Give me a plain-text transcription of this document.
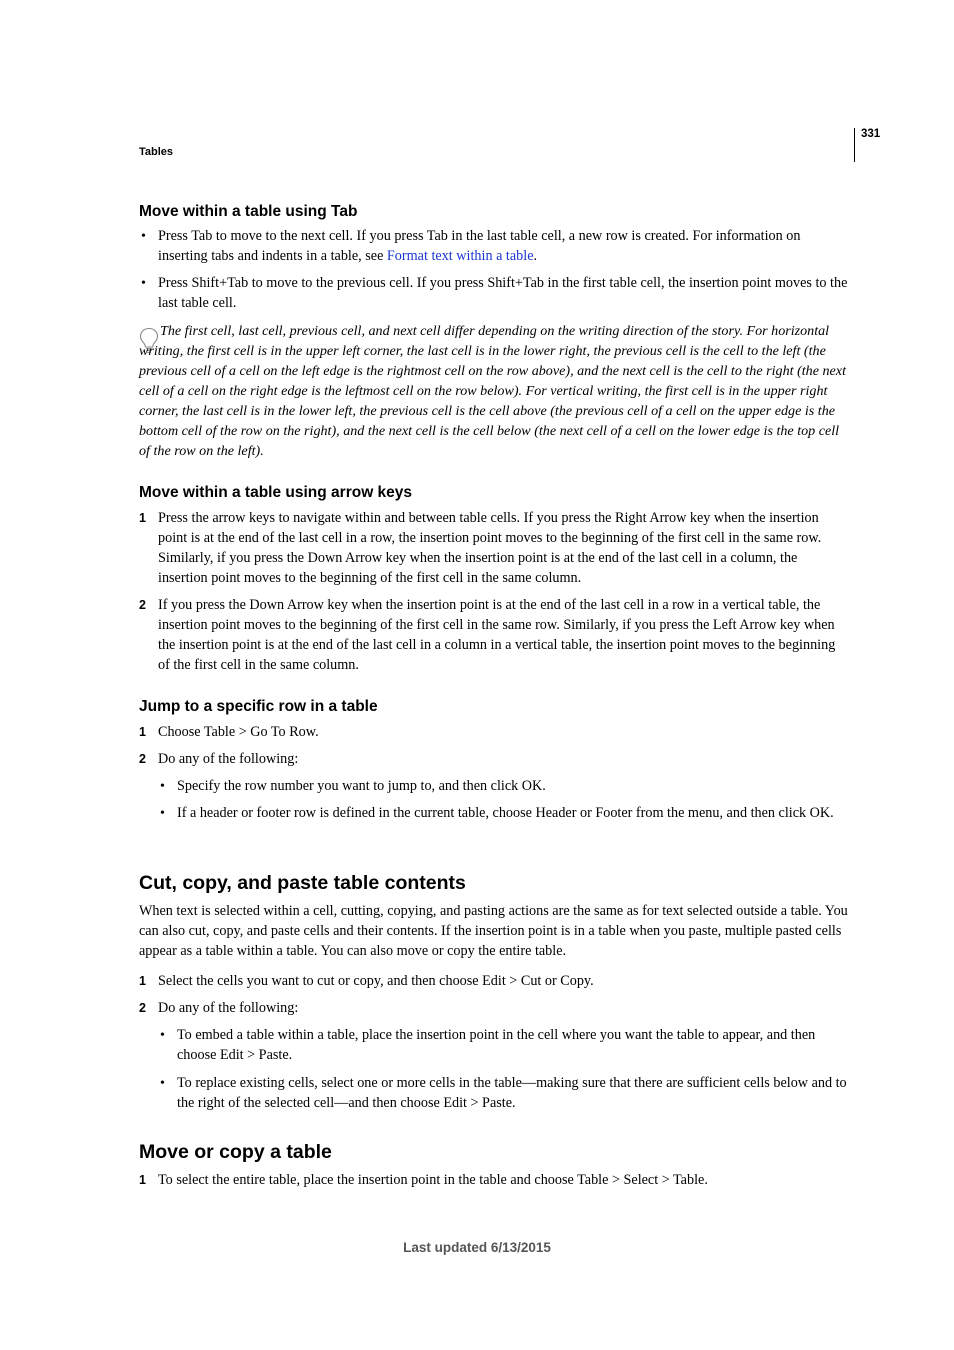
331
Tables
Move within a table using Tab
• Press Tab to move to the next cell. If you press Tab in the last table cell, a new row is created. For information on inserting tabs and indents in a table, see Format text within a table.
• Press Shift+Tab to move to the previous cell. If you press Shift+Tab in the first table cell, the insertion point moves to the last table cell.
The first cell, last cell, previous cell, and next cell differ depending on the writing direction of the story. For horizontal writing, the first cell is in the upper left corner, the last cell is in the lower right, the previous cell is the cell to the left (the previous cell of a cell on the left edge is the rightmost cell on the row above), and the next cell is the cell to the right (the next cell of a cell on the right edge is the leftmost cell on the row below). For vertical writing, the first cell is in the upper right corner, the last cell is in the lower left, the previous cell is the cell above (the previous cell of a cell on the upper edge is the bottom cell of the row on the right), and the next cell is the cell below (the next cell of a cell on the lower edge is the top cell of the row on the left).
Move within a table using arrow keys
1 Press the arrow keys to navigate within and between table cells. If you press the Right Arrow key when the insertion point is at the end of the last cell in a row, the insertion point moves to the beginning of the first cell in the same row. Similarly, if you press the Down Arrow key when the insertion point is at the end of the last cell in a column, the insertion point moves to the beginning of the first cell in the same column.
2 If you press the Down Arrow key when the insertion point is at the end of the last cell in a row in a vertical table, the insertion point moves to the beginning of the first cell in the same row. Similarly, if you press the Left Arrow key when the insertion point is at the end of the last cell in a column in a vertical table, the insertion point moves to the beginning of the first cell in the same column.
Jump to a specific row in a table
1 Choose Table > Go To Row.
2 Do any of the following:
• Specify the row number you want to jump to, and then click OK.
• If a header or footer row is defined in the current table, choose Header or Footer from the menu, and then click OK.
Cut, copy, and paste table contents
When text is selected within a cell, cutting, copying, and pasting actions are the same as for text selected outside a table. You can also cut, copy, and paste cells and their contents. If the insertion point is in a table when you paste, multiple pasted cells appear as a table within a table. You can also move or copy the entire table.
1 Select the cells you want to cut or copy, and then choose Edit > Cut or Copy.
2 Do any of the following:
• To embed a table within a table, place the insertion point in the cell where you want the table to appear, and then choose Edit > Paste.
• To replace existing cells, select one or more cells in the table—making sure that there are sufficient cells below and to the right of the selected cell—and then choose Edit > Paste.
Move or copy a table
1 To select the entire table, place the insertion point in the table and choose Table > Select > Table.
Last updated 6/13/2015
